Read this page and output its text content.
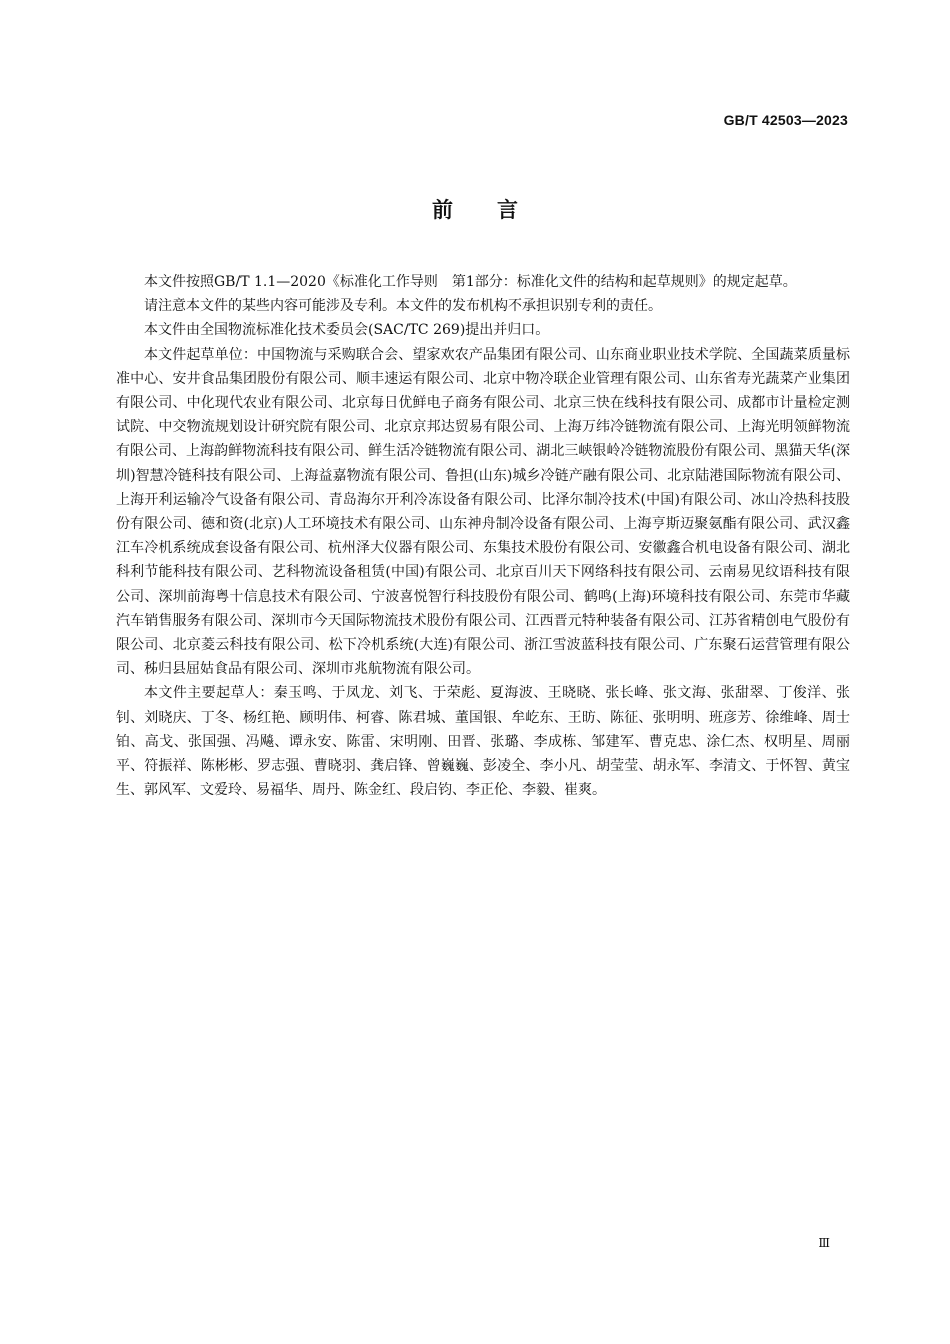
GB/T 42503—2023
前 言

本文件按照GB/T 1.1—2020《标准化工作导则　第1部分：标准化文件的结构和起草规则》的规定起草。

请注意本文件的某些内容可能涉及专利。本文件的发布机构不承担识别专利的责任。

本文件由全国物流标准化技术委员会(SAC/TC 269)提出并归口。

本文件起草单位：中国物流与采购联合会、望家欢农产品集团有限公司、山东商业职业技术学院、全国蔬菜质量标准中心、安井食品集团股份有限公司、顺丰速运有限公司、北京中物冷联企业管理有限公司、山东省寿光蔬菜产业集团有限公司、中化现代农业有限公司、北京每日优鲜电子商务有限公司、北京三快在线科技有限公司、成都市计量检定测试院、中交物流规划设计研究院有限公司、北京京邦达贸易有限公司、上海万纬冷链物流有限公司、上海光明领鲜物流有限公司、上海韵鲜物流科技有限公司、鲜生活冷链物流有限公司、湖北三峡银岭冷链物流股份有限公司、黑猫天华(深圳)智慧冷链科技有限公司、上海益嘉物流有限公司、鲁担(山东)城乡冷链产融有限公司、北京陆港国际物流有限公司、上海开利运输冷气设备有限公司、青岛海尔开利冷冻设备有限公司、比泽尔制冷技术(中国)有限公司、冰山冷热科技股份有限公司、德和资(北京)人工环境技术有限公司、山东神舟制冷设备有限公司、上海亨斯迈聚氨酯有限公司、武汉鑫江车冷机系统成套设备有限公司、杭州泽大仪器有限公司、东集技术股份有限公司、安徽鑫合机电设备有限公司、湖北科利节能科技有限公司、艺科物流设备租赁(中国)有限公司、北京百川天下网络科技有限公司、云南易见纹语科技有限公司、深圳前海粤十信息技术有限公司、宁波喜悦智行科技股份有限公司、鹤鸣(上海)环境科技有限公司、东莞市华藏汽车销售服务有限公司、深圳市今天国际物流技术股份有限公司、江西晋元特种装备有限公司、江苏省精创电气股份有限公司、北京菱云科技有限公司、松下冷机系统(大连)有限公司、浙江雪波蓝科技有限公司、广东聚石运营管理有限公司、秭归县屈姑食品有限公司、深圳市兆航物流有限公司。

本文件主要起草人：秦玉鸣、于凤龙、刘飞、于荣彪、夏海波、王晓晓、张长峰、张文海、张甜翠、丁俊洋、张钊、刘晓庆、丁冬、杨红艳、顾明伟、柯睿、陈君城、董国银、牟屹东、王昉、陈征、张明明、班彦芳、徐维峰、周士铂、高戈、张国强、冯飚、谭永安、陈雷、宋明刚、田晋、张璐、李成栋、邹建军、曹克忠、涂仁杰、权明星、周丽平、符振祥、陈彬彬、罗志强、曹晓羽、龚启锋、曾巍巍、彭凌全、李小凡、胡莹莹、胡永军、李清文、于怀智、黄宝生、郭风军、文爱玲、易福华、周丹、陈金红、段启钧、李正伦、李毅、崔爽。

Ⅲ
